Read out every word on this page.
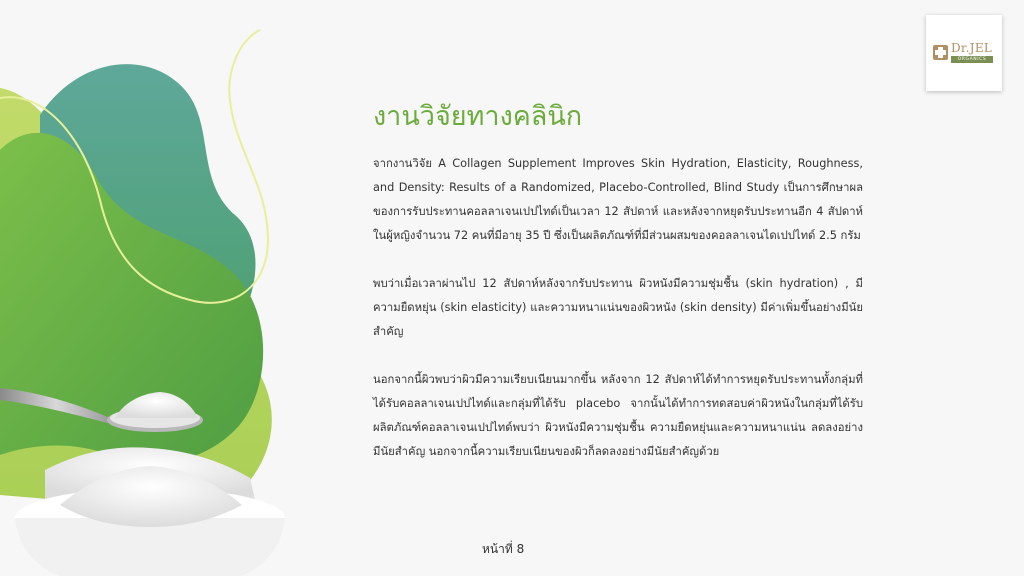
Dr.JEL
ORGANICS
งานวิจัยทางคลินิก

จากงานวิจัย A Collagen Supplement Improves Skin Hydration, Elasticity, Roughness, and Density: Results of a Randomized, Placebo-Controlled, Blind Study เป็นการศึกษาผลของการรับประทานคอลลาเจนเปปไทด์เป็นเวลา 12 สัปดาห์ และหลังจากหยุดรับประทานอีก 4 สัปดาห์ในผู้หญิงจำนวน 72 คนที่มีอายุ 35 ปี ซึ่งเป็นผลิตภัณฑ์ที่มีส่วนผสมของคอลลาเจนไดเปปไทด์ 2.5 กรัม

พบว่าเมื่อเวลาผ่านไป 12 สัปดาห์หลังจากรับประทาน ผิวหนังมีความชุ่มชื้น (skin hydration) , มีความยืดหยุ่น (skin elasticity) และความหนาแน่นของผิวหนัง (skin density) มีค่าเพิ่มขึ้นอย่างมีนัยสำคัญ

นอกจากนี้ผิวพบว่าผิวมีความเรียบเนียนมากขึ้น หลังจาก 12 สัปดาห์ได้ทำการหยุดรับประทานทั้งกลุ่มที่ได้รับคอลลาเจนเปปไทด์และกลุ่มที่ได้รับ placebo จากนั้นได้ทำการทดสอบค่าผิวหนังในกลุ่มที่ได้รับผลิตภัณฑ์คอลลาเจนเปปไทด์พบว่า ผิวหนังมีความชุ่มชื้น ความยืดหยุ่นและความหนาแน่น ลดลงอย่างมีนัยสำคัญ นอกจากนี้ความเรียบเนียนของผิวก็ลดลงอย่างมีนัยสำคัญด้วย

หน้าที่ 8
